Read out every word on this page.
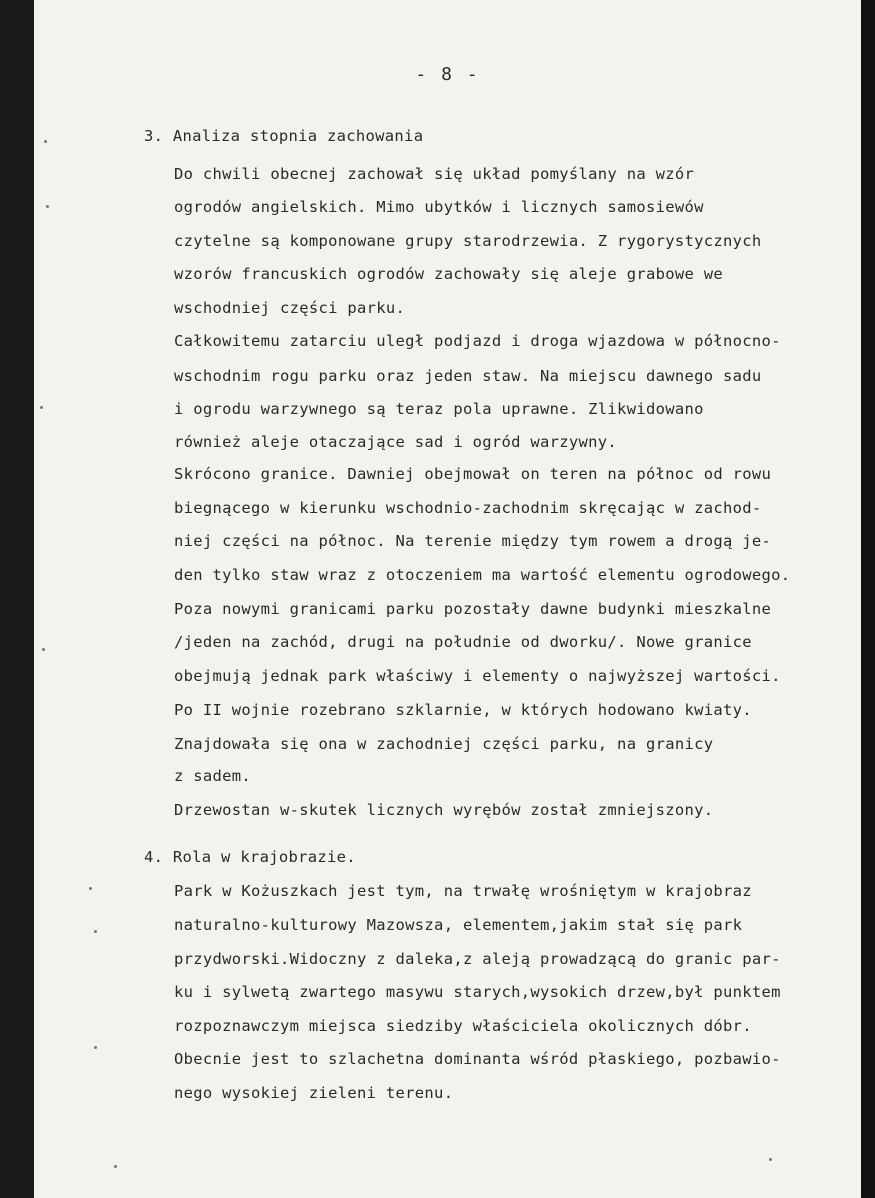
- 8 -
3. Analiza stopnia zachowania
Do chwili obecnej zachował się układ pomyślany na wzór
ogrodów angielskich. Mimo ubytków i licznych samosiewów
czytelne są komponowane grupy starodrzewia. Z rygorystycznych
wzorów francuskich ogrodów zachowały się aleje grabowe we
wschodniej części parku.
Całkowitemu zatarciu uległ podjazd i droga wjazdowa w północno-
wschodnim rogu parku oraz jeden staw. Na miejscu dawnego sadu
i ogrodu warzywnego są teraz pola uprawne. Zlikwidowano
również aleje otaczające sad i ogród warzywny.
Skrócono granice. Dawniej obejmował on teren na północ od rowu
biegnącego w kierunku wschodnio-zachodnim skręcając w zachod-
niej części na północ. Na terenie między tym rowem a drogą je-
den tylko staw wraz z otoczeniem ma wartość elementu ogrodowego.
Poza nowymi granicami parku pozostały dawne budynki mieszkalne
/jeden na zachód, drugi na południe od dworku/. Nowe granice
obejmują jednak park właściwy i elementy o najwyższej wartości.
Po II wojnie rozebrano szklarnie, w których hodowano kwiaty.
Znajdowała się ona w zachodniej części parku, na granicy
z sadem.
Drzewostan w-skutek licznych wyrębów został zmniejszony.
4. Rola w krajobrazie.
Park w Kożuszkach jest tym, na trwałę wrośniętym w krajobraz
naturalno-kulturowy Mazowsza, elementem,jakim stał się park
przydworski.Widoczny z daleka,z aleją prowadzącą do granic par-
ku i sylwetą zwartego masywu starych,wysokich drzew,był punktem
rozpoznawczym miejsca siedziby właściciela okolicznych dóbr.
Obecnie jest to szlachetna dominanta wśród płaskiego, pozbawio-
nego wysokiej zieleni terenu.
